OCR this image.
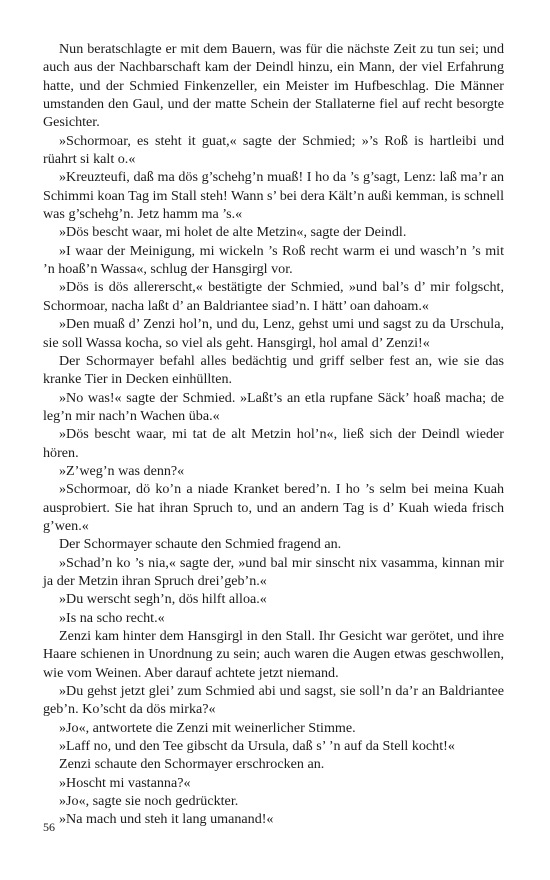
Nun beratschlagte er mit dem Bauern, was für die nächste Zeit zu tun sei; und auch aus der Nachbarschaft kam der Deindl hinzu, ein Mann, der viel Erfahrung hatte, und der Schmied Finkenzeller, ein Meister im Hufbeschlag. Die Männer umstanden den Gaul, und der matte Schein der Stallaterne fiel auf recht besorgte Gesichter.

»Schormoar, es steht it guat,« sagte der Schmied; »’s Roß is hartleibi und rüahrt si kalt o.«

»Kreuzteufi, daß ma dös g’schehg’n muaß! I ho da ’s g’sagt, Lenz: laß ma’r an Schimmi koan Tag im Stall steh! Wann s’ bei dera Kält’n außi kemman, is schnell was g’schehg’n. Jetz hamm ma ’s.«

»Dös bescht waar, mi holet de alte Metzin«, sagte der Deindl.

»I waar der Meinigung, mi wickeln ’s Roß recht warm ei und wasch’n ’s mit ’n hoaß’n Wassa«, schlug der Hansgirgl vor.

»Dös is dös allererscht,« bestätigte der Schmied, »und bal’s d’ mir folgscht, Schormoar, nacha laßt d’ an Baldriantee siad’n. I hätt’ oan dahoam.«

»Den muaß d’ Zenzi hol’n, und du, Lenz, gehst umi und sagst zu da Urschula, sie soll Wassa kocha, so viel als geht. Hansgirgl, hol amal d’ Zenzi!«

Der Schormayer befahl alles bedächtig und griff selber fest an, wie sie das kranke Tier in Decken einhüllten.

»No was!« sagte der Schmied. »Laßt’s an etla rupfane Säck’ hoaß macha; de leg’n mir nach’n Wachen üba.«

»Dös bescht waar, mi tat de alt Metzin hol’n«, ließ sich der Deindl wieder hören.

»Z’weg’n was denn?«

»Schormoar, dö ko’n a niade Kranket bered’n. I ho ’s selm bei meina Kuah ausprobiert. Sie hat ihran Spruch to, und an andern Tag is d’ Kuah wieda frisch g’wen.«

Der Schormayer schaute den Schmied fragend an.

»Schad’n ko ’s nia,« sagte der, »und bal mir sinscht nix vasamma, kinnan mir ja der Metzin ihran Spruch drei’geb’n.«

»Du werscht segh’n, dös hilft alloa.«

»Is na scho recht.«

Zenzi kam hinter dem Hansgirgl in den Stall. Ihr Gesicht war gerötet, und ihre Haare schienen in Unordnung zu sein; auch waren die Augen etwas geschwollen, wie vom Weinen. Aber darauf achtete jetzt niemand.

»Du gehst jetzt glei’ zum Schmied abi und sagst, sie soll’n da’r an Baldriantee geb’n. Ko’scht da dös mirka?«

»Jo«, antwortete die Zenzi mit weinerlicher Stimme.

»Laff no, und den Tee gibscht da Ursula, daß s’ ’n auf da Stell kocht!«

Zenzi schaute den Schormayer erschrocken an.

»Hoscht mi vastanna?«

»Jo«, sagte sie noch gedrückter.

»Na mach und steh it lang umanand!«

56
